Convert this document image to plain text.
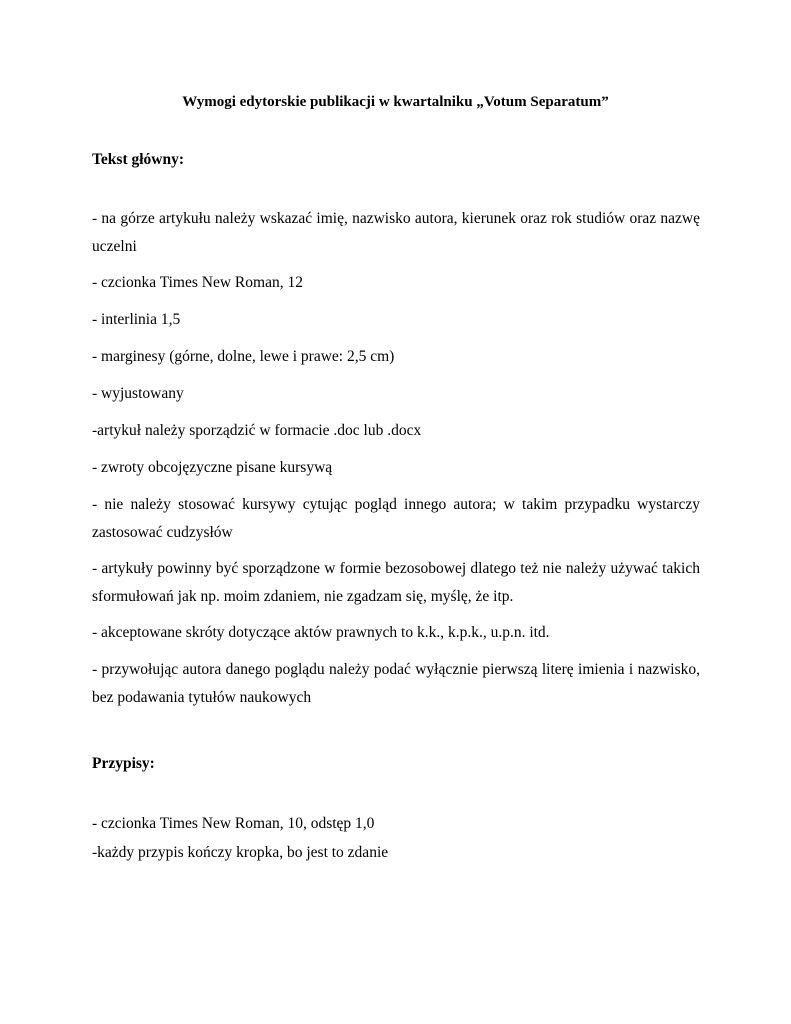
Wymogi edytorskie publikacji w kwartalniku „Votum Separatum”
Tekst główny:
- na górze artykułu należy wskazać imię, nazwisko autora, kierunek oraz rok studiów oraz nazwę uczelni
- czcionka Times New Roman, 12
- interlinia 1,5
- marginesy (górne, dolne, lewe i prawe: 2,5 cm)
- wyjustowany
-artykuł należy sporządzić w formacie .doc lub .docx
- zwroty obcojęzyczne pisane kursywą
- nie należy stosować kursywy cytując pogląd innego autora; w takim przypadku wystarczy zastosować cudzysłów
- artykuły powinny być sporządzone w formie bezosobowej dlatego też nie należy używać takich sformułowań jak np. moim zdaniem, nie zgadzam się, myślę, że itp.
- akceptowane skróty dotyczące aktów prawnych to k.k., k.p.k., u.p.n. itd.
- przywołując autora danego poglądu należy podać wyłącznie pierwszą literę imienia i nazwisko, bez podawania tytułów naukowych
Przypisy:
- czcionka Times New Roman, 10, odstęp 1,0
-każdy przypis kończy kropka, bo jest to zdanie
